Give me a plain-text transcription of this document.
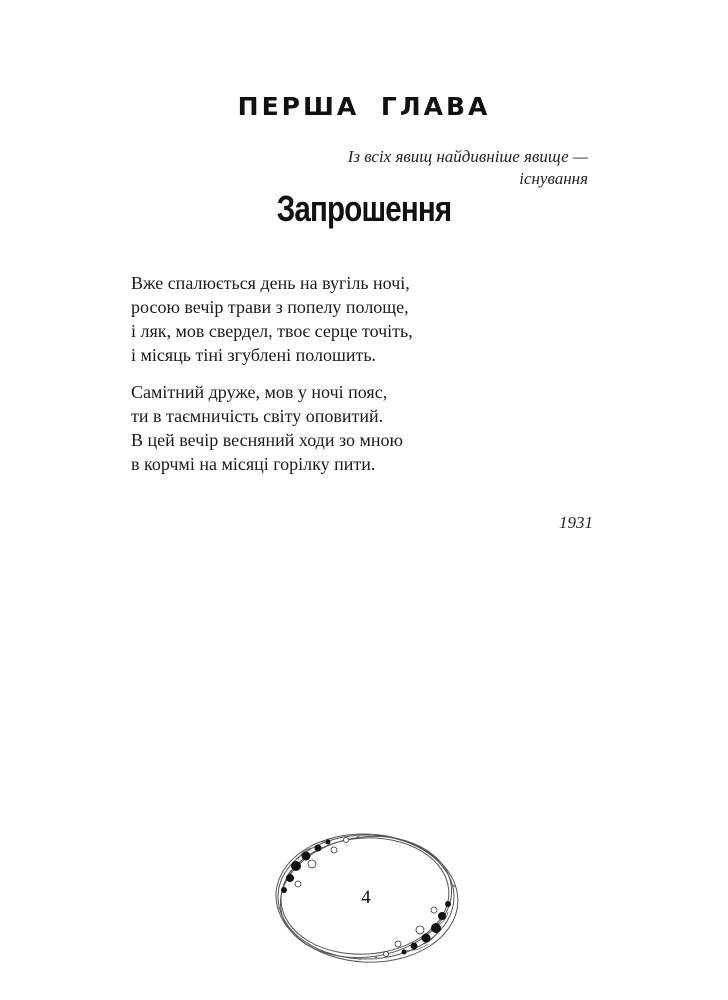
ПЕРША ГЛАВА
Із всіх явищ найдивніше явище —
існування
Запрошення
Вже спалюється день на вугіль ночі,
росою вечір трави з попелу полоще,
і ляк, мов свердел, твоє серце точіть,
і місяць тіні згублені полошить.
Самітний друже, мов у ночі пояс,
ти в таємничість світу оповитий.
В цей вечір весняний ходи зо мною
в корчмі на місяці горілку пити.
1931
4
